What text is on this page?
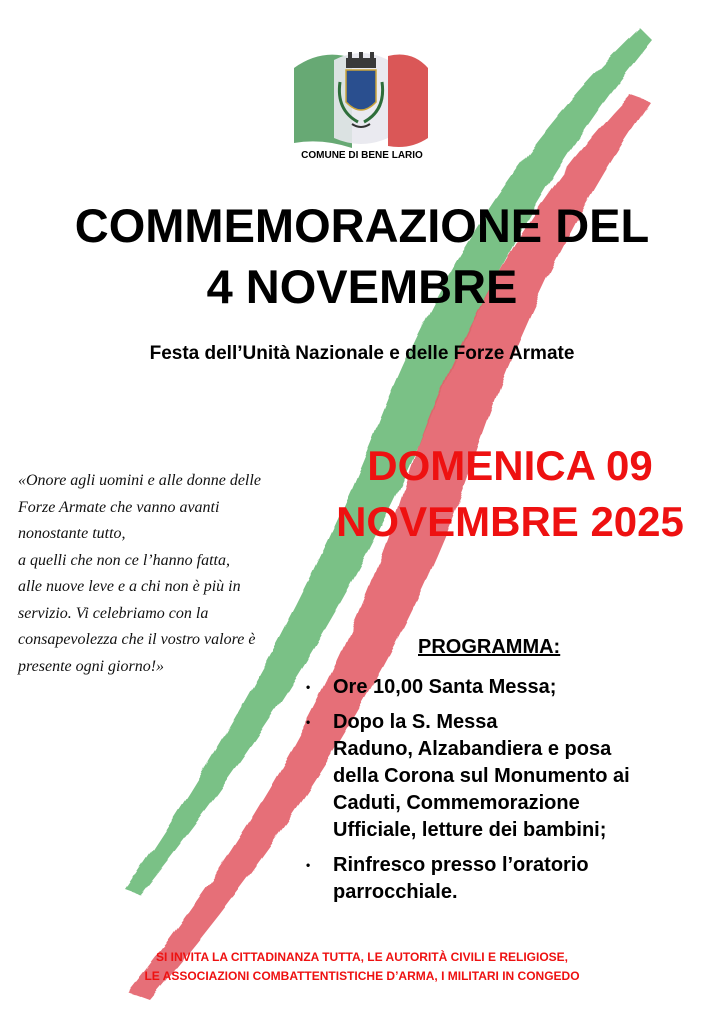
COMUNE DI BENE LARIO
COMMEMORAZIONE DEL
4 NOVEMBRE
Festa dell’Unità Nazionale e delle Forze Armate
DOMENICA 09
NOVEMBRE 2025
«Onore agli uomini e alle donne delle
Forze Armate che vanno avanti
nonostante tutto,
a quelli che non ce l’hanno fatta,
alle nuove leve e a chi non è più in
servizio. Vi celebriamo con la
consapevolezza che il vostro valore è
presente ogni giorno!»
PROGRAMMA:
• Ore 10,00 Santa Messa;
• Dopo la S. Messa
Raduno, Alzabandiera e posa
della Corona sul Monumento ai
Caduti, Commemorazione
Ufficiale, letture dei bambini;
• Rinfresco presso l’oratorio
parrocchiale.
SI INVITA LA CITTADINANZA TUTTA, LE AUTORITÀ CIVILI E RELIGIOSE,
LE ASSOCIAZIONI COMBATTENTISTICHE D’ARMA, I MILITARI IN CONGEDO
